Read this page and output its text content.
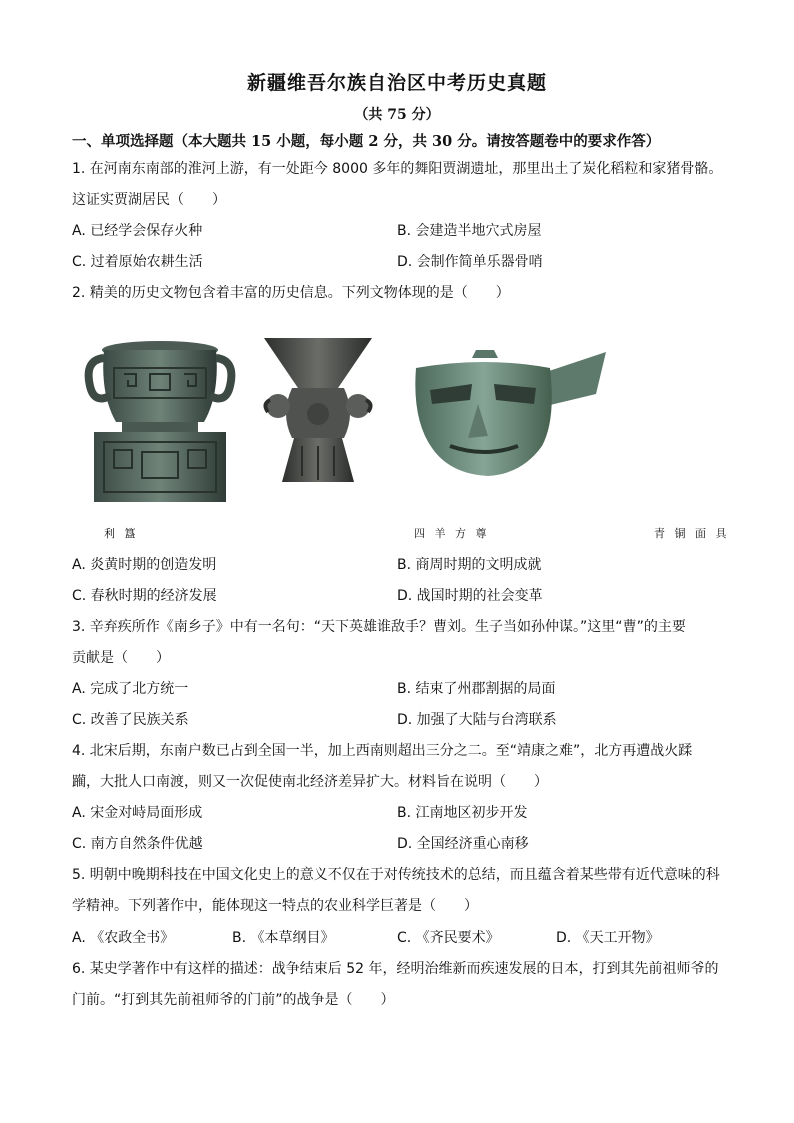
新疆维吾尔族自治区中考历史真题
（共 75 分）
一、单项选择题（本大题共 15 小题，每小题 2 分，共 30 分。请按答题卷中的要求作答）
1. 在河南东南部的淮河上游，有一处距今 8000 多年的舞阳贾湖遗址，那里出土了炭化稻粒和家猪骨骼。
这证实贾湖居民（　　）
A. 已经学会保存火种	B. 会建造半地穴式房屋
C. 过着原始农耕生活	D. 会制作简单乐器骨哨
2. 精美的历史文物包含着丰富的历史信息。下列文物体现的是（　　）
利 簋	四 羊 方 尊	青 铜 面 具
A. 炎黄时期的创造发明	B. 商周时期的文明成就
C. 春秋时期的经济发展	D. 战国时期的社会变革
3. 辛弃疾所作《南乡子》中有一名句：“天下英雄谁敌手？曹刘。生子当如孙仲谋。”这里“曹”的主要
贡献是（　　）
A. 完成了北方统一	B. 结束了州郡割据的局面
C. 改善了民族关系	D. 加强了大陆与台湾联系
4. 北宋后期，东南户数已占到全国一半，加上西南则超出三分之二。至“靖康之难”，北方再遭战火蹂
躏，大批人口南渡，则又一次促使南北经济差异扩大。材料旨在说明（　　）
A. 宋金对峙局面形成	B. 江南地区初步开发
C. 南方自然条件优越	D. 全国经济重心南移
5. 明朝中晚期科技在中国文化史上的意义不仅在于对传统技术的总结，而且蕴含着某些带有近代意味的科
学精神。下列著作中，能体现这一特点的农业科学巨著是（　　）
A. 《农政全书》	B. 《本草纲目》	C. 《齐民要术》	D. 《天工开物》
6. 某史学著作中有这样的描述：战争结束后 52 年，经明治维新而疾速发展的日本，打到其先前祖师爷的
门前。“打到其先前祖师爷的门前”的战争是（　　）
